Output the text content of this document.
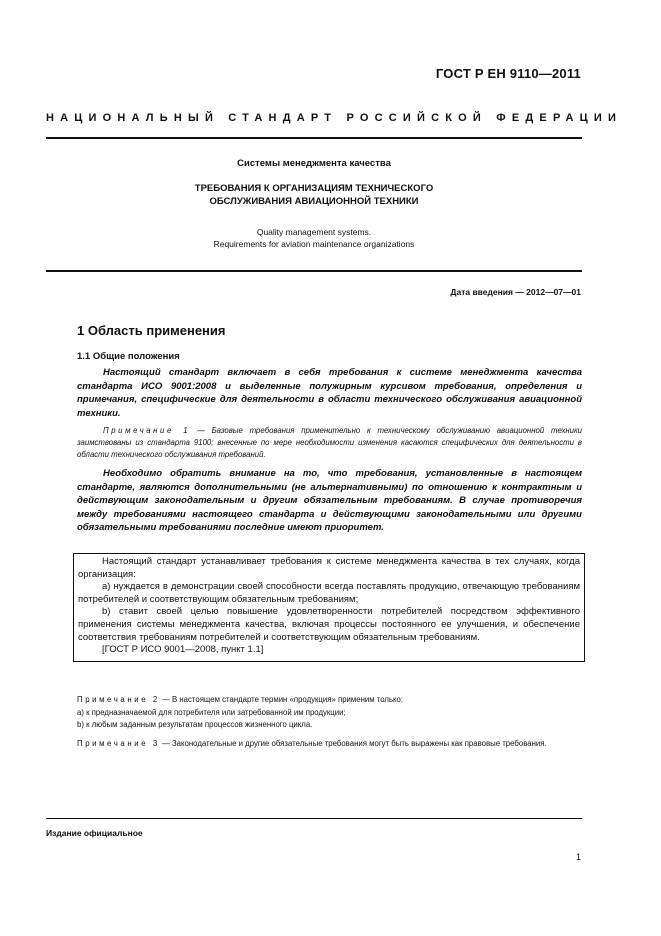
ГОСТ Р ЕН 9110—2011
НАЦИОНАЛЬНЫЙ СТАНДАРТ РОССИЙСКОЙ ФЕДЕРАЦИИ
Системы менеджмента качества
ТРЕБОВАНИЯ К ОРГАНИЗАЦИЯМ ТЕХНИЧЕСКОГО ОБСЛУЖИВАНИЯ АВИАЦИОННОЙ ТЕХНИКИ
Quality management systems.
Requirements for aviation maintenance organizations
Дата введения — 2012—07—01
1 Область применения
1.1 Общие положения
Настоящий стандарт включает в себя требования к системе менеджмента качества стандарта ИСО 9001:2008 и выделенные полужирным курсивом требования, определения и примечания, специфические для деятельности в области технического обслуживания авиационной техники.
Примечание 1 — Базовые требования применительно к техническому обслуживанию авиационной техники заимствованы из стандарта 9100; внесенные по мере необходимости изменения касаются специфических для деятельности в области технического обслуживания требований.
Необходимо обратить внимание на то, что требования, установленные в настоящем стандарте, являются дополнительными (не альтернативными) по отношению к контрактным и действующим законодательным и другим обязательным требованиям. В случае противоречия между требованиями настоящего стандарта и действующими законодательными или другими обязательными требованиями последние имеют приоритет.

Настоящий стандарт устанавливает требования к системе менеджмента качества в тех случаях, когда организация:

a) нуждается в демонстрации своей способности всегда поставлять продукцию, отвечающую требованиям потребителей и соответствующим обязательным требованиям;

b) ставит своей целью повышение удовлетворенности потребителей посредством эффективного применения системы менеджмента качества, включая процессы постоянного ее улучшения, и обеспечение соответствия требованиям потребителей и соответствующим обязательным требованиям.

[ГОСТ Р ИСО 9001—2008, пункт 1.1]

Примечание 2 — В настоящем стандарте термин «продукция» применим только:
a) к предназначаемой для потребителя или затребованной им продукции;
b) к любым заданным результатам процессов жизненного цикла.
Примечание 3 — Законодательные и другие обязательные требования могут быть выражены как правовые требования.
Издание официальное
1
